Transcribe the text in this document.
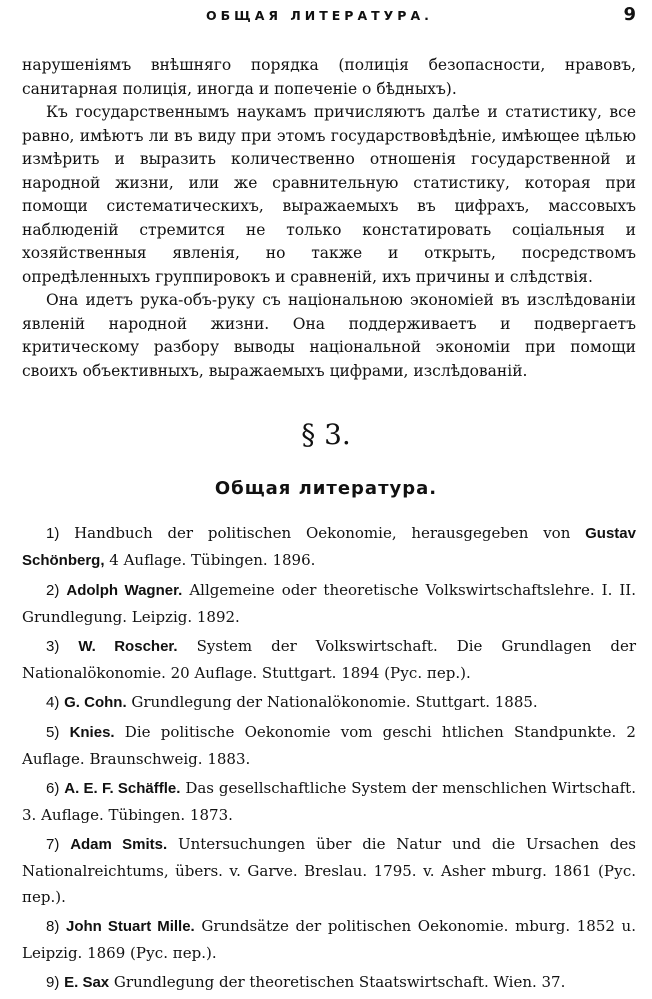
ОБЩАЯ ЛИТЕРАТУРА.	9

нарушеніямъ внѣшняго порядка (полиція безопасности, нравовъ, санитарная полиція, иногда и попеченіе о бѣдныхъ).

Къ государственнымъ наукамъ причисляютъ далѣе и статистику, все равно, имѣютъ ли въ виду при этомъ государствовѣдѣніе, имѣющее цѣлью измѣрить и выразить количественно отношенія государственной и народной жизни, или же сравнительную статистику, которая при помощи систематическихъ, выражаемыхъ въ цифрахъ, массовыхъ наблюденій стремится не только констатировать соціальныя и хозяйственныя явленія, но также и открыть, посредствомъ опредѣленныхъ группировокъ и сравненій, ихъ причины и слѣдствія.

Она идетъ рука-объ-руку съ національною экономіей въ изслѣдованіи явленій народной жизни. Она поддерживаетъ и подвергаетъ критическому разбору выводы національной экономіи при помощи своихъ объективныхъ, выражаемыхъ цифрами, изслѣдованій.

§ 3.
Общая литература.

1) Handbuch der politischen Oekonomie, herausgegeben von Gustav Schönberg, 4 Auflage. Tübingen. 1896.

2) Adolph Wagner. Allgemeine oder theoretische Volkswirtschaftslehre. I. II. Grundlegung. Leipzig. 1892.

3) W. Roscher. System der Volkswirtschaft. Die Grundlagen der Nationalökonomie. 20 Auflage. Stuttgart. 1894 (Рус. пер.).

4) G. Cohn. Grundlegung der Nationalökonomie. Stuttgart. 1885.

5) Knies. Die politische Oekonomie vom geschi htlichen Standpunkte. 2 Auflage. Braunschweig. 1883.

6) A. E. F. Schäffle. Das gesellschaftliche System der menschlichen Wirtschaft. 3. Auflage. Tübingen. 1873.

7) Adam Smits. Untersuchungen über die Natur und die Ursachen des Nationalreichtums, übers. v. Garve. Breslau. 1795. v. Asher mburg. 1861 (Рус. пер.).

8) John Stuart Mille. Grundsätze der politischen Oekonomie. mburg. 1852 u. Leipzig. 1869 (Рус. пер.).

9) E. Sax Grundlegung der theoretischen Staatswirtschaft. Wien. 37.
